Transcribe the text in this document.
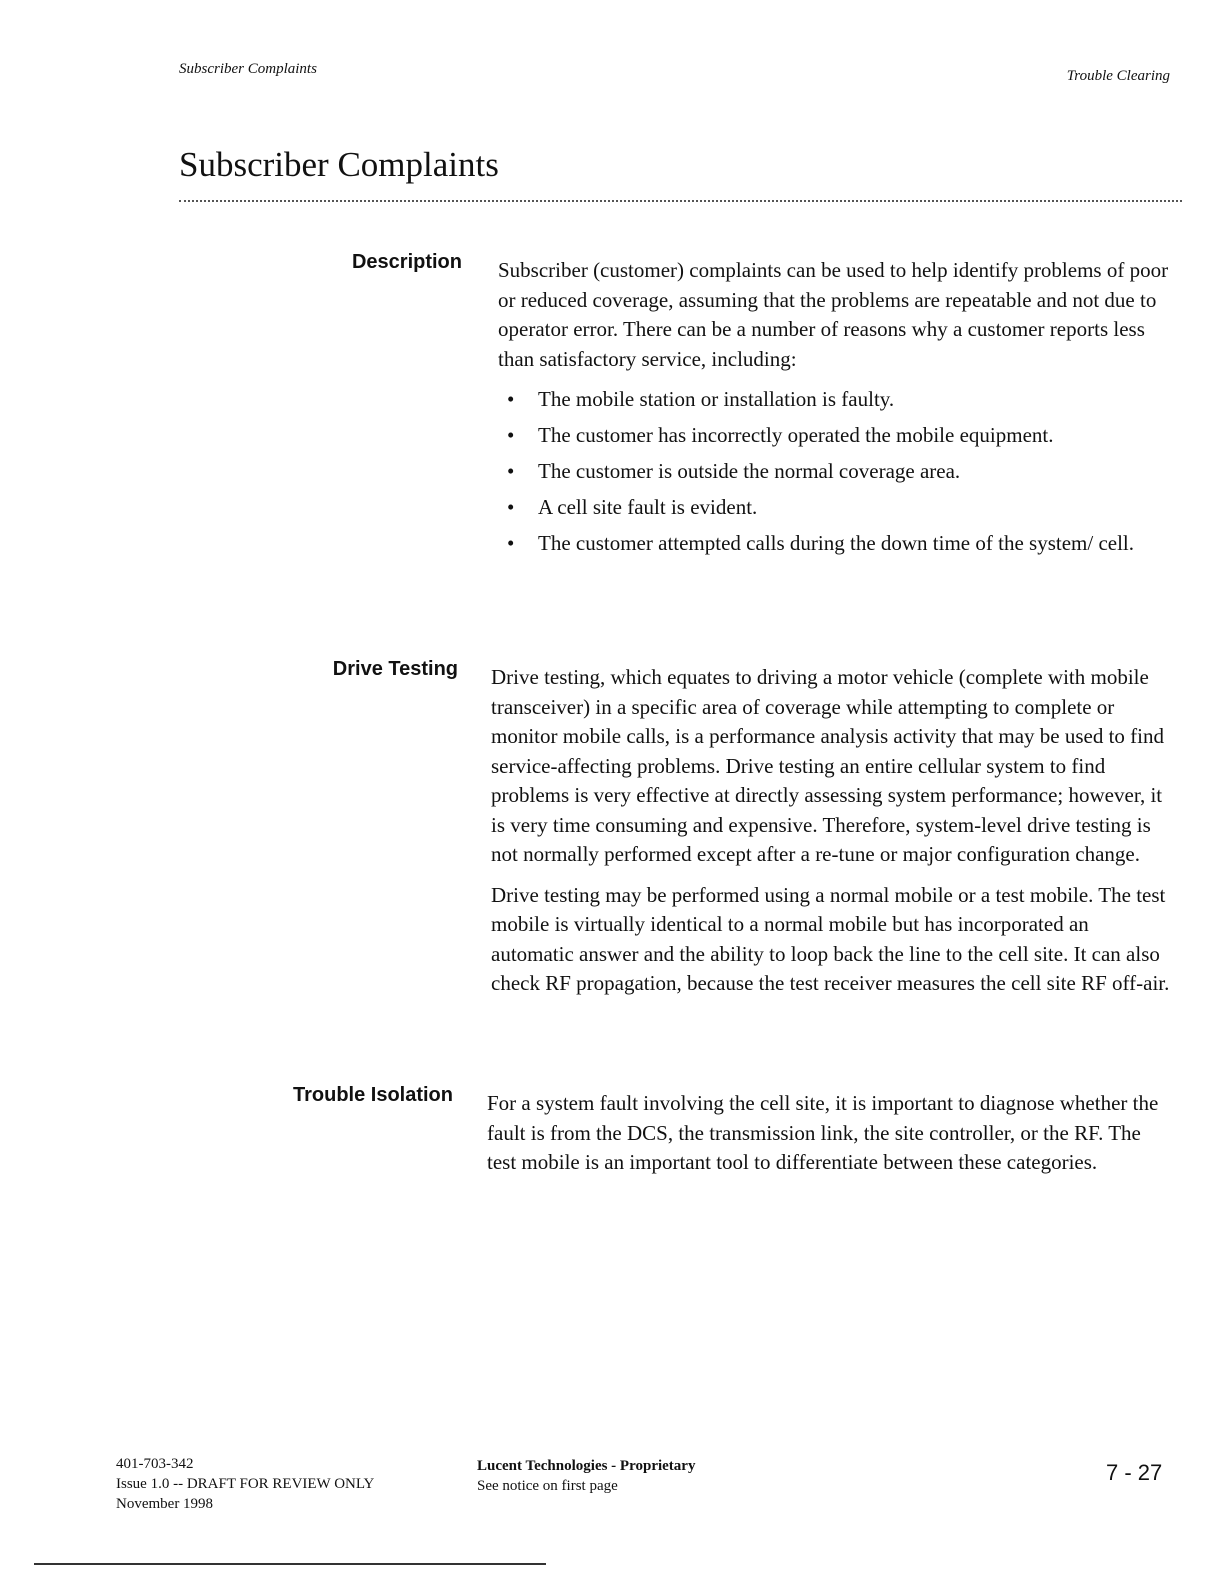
Subscriber Complaints	Trouble Clearing
Subscriber Complaints
Description Subscriber (customer) complaints can be used to help identify problems of poor or reduced coverage, assuming that the problems are repeatable and not due to operator error. There can be a number of reasons why a customer reports less than satisfactory service, including:

• The mobile station or installation is faulty.
• The customer has incorrectly operated the mobile equipment.
• The customer is outside the normal coverage area.
• A cell site fault is evident.
• The customer attempted calls during the down time of the system/ cell.
Drive Testing Drive testing, which equates to driving a motor vehicle (complete with mobile transceiver) in a specific area of coverage while attempting to complete or monitor mobile calls, is a performance analysis activity that may be used to find service-affecting problems. Drive testing an entire cellular system to find problems is very effective at directly assessing system performance; however, it is very time consuming and expensive. Therefore, system-level drive testing is not normally performed except after a re-tune or major configuration change.

Drive testing may be performed using a normal mobile or a test mobile. The test mobile is virtually identical to a normal mobile but has incorporated an automatic answer and the ability to loop back the line to the cell site. It can also check RF propagation, because the test receiver measures the cell site RF off-air.

Trouble Isolation For a system fault involving the cell site, it is important to diagnose whether the fault is from the DCS, the transmission link, the site controller, or the RF. The test mobile is an important tool to differentiate between these categories.

401-703-342
Issue 1.0 -- DRAFT FOR REVIEW ONLY
November 1998
Lucent Technologies - Proprietary
See notice on first page
7 - 27
